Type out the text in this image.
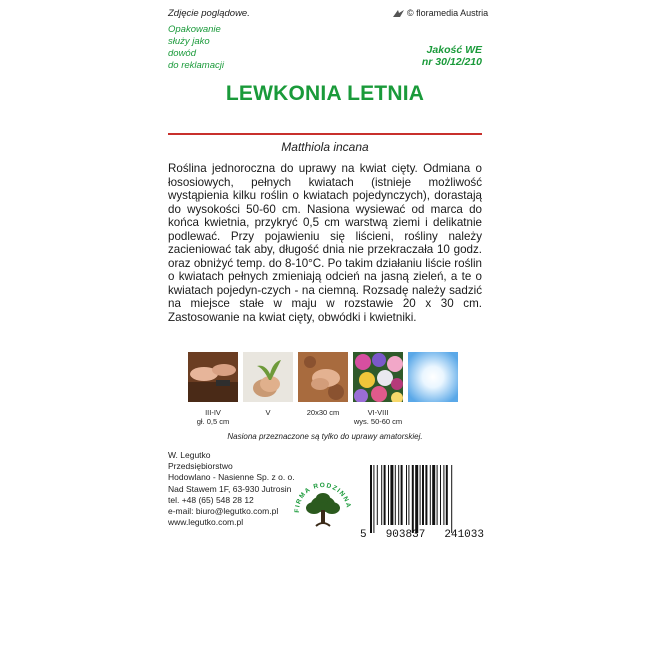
Zdjęcie poglądowe.	© floramedia Austria
Opakowanie
służy jako
dowód
do reklamacji
Jakość WE
nr 30/12/210
LEWKONIA LETNIA
Matthiola incana
Roślina jednoroczna do uprawy na kwiat cięty. Odmiana o łososiowych, pełnych kwiatach (istnieje możliwość wystąpienia kilku roślin o kwiatach pojedynczych), dorastają do wysokości 50-60 cm. Nasiona wysiewać od marca do końca kwietnia, przykryć 0,5 cm warstwą ziemi i delikatnie podlewać. Przy pojawieniu się liścieni, rośliny należy zacieniować tak aby, długość dnia nie przekraczała 10 godz. oraz obniżyć temp. do 8-10°C. Po takim działaniu liście roślin o kwiatach pełnych zmieniają odcień na jasną zieleń, a te o kwiatach pojedyn-czych - na ciemną. Rozsadę należy sadzić na miejsce stałe w maju w rozstawie 20 x 30 cm. Zastosowanie na kwiat cięty, obwódki i kwietniki.
III-IV
gł. 0,5 cm
V	20x30 cm	VI-VIII
wys. 50-60 cm
Nasiona przeznaczone są tylko do uprawy amatorskiej.
W. Legutko
Przedsiębiorstwo
Hodowlano - Nasienne Sp. z o. o.
Nad Stawem 1F, 63-930 Jutrosin
tel. +48 (65) 548 28 12
e-mail: biuro@legutko.com.pl
www.legutko.com.pl
FIRMA RODZINNA
5 903837 241033
